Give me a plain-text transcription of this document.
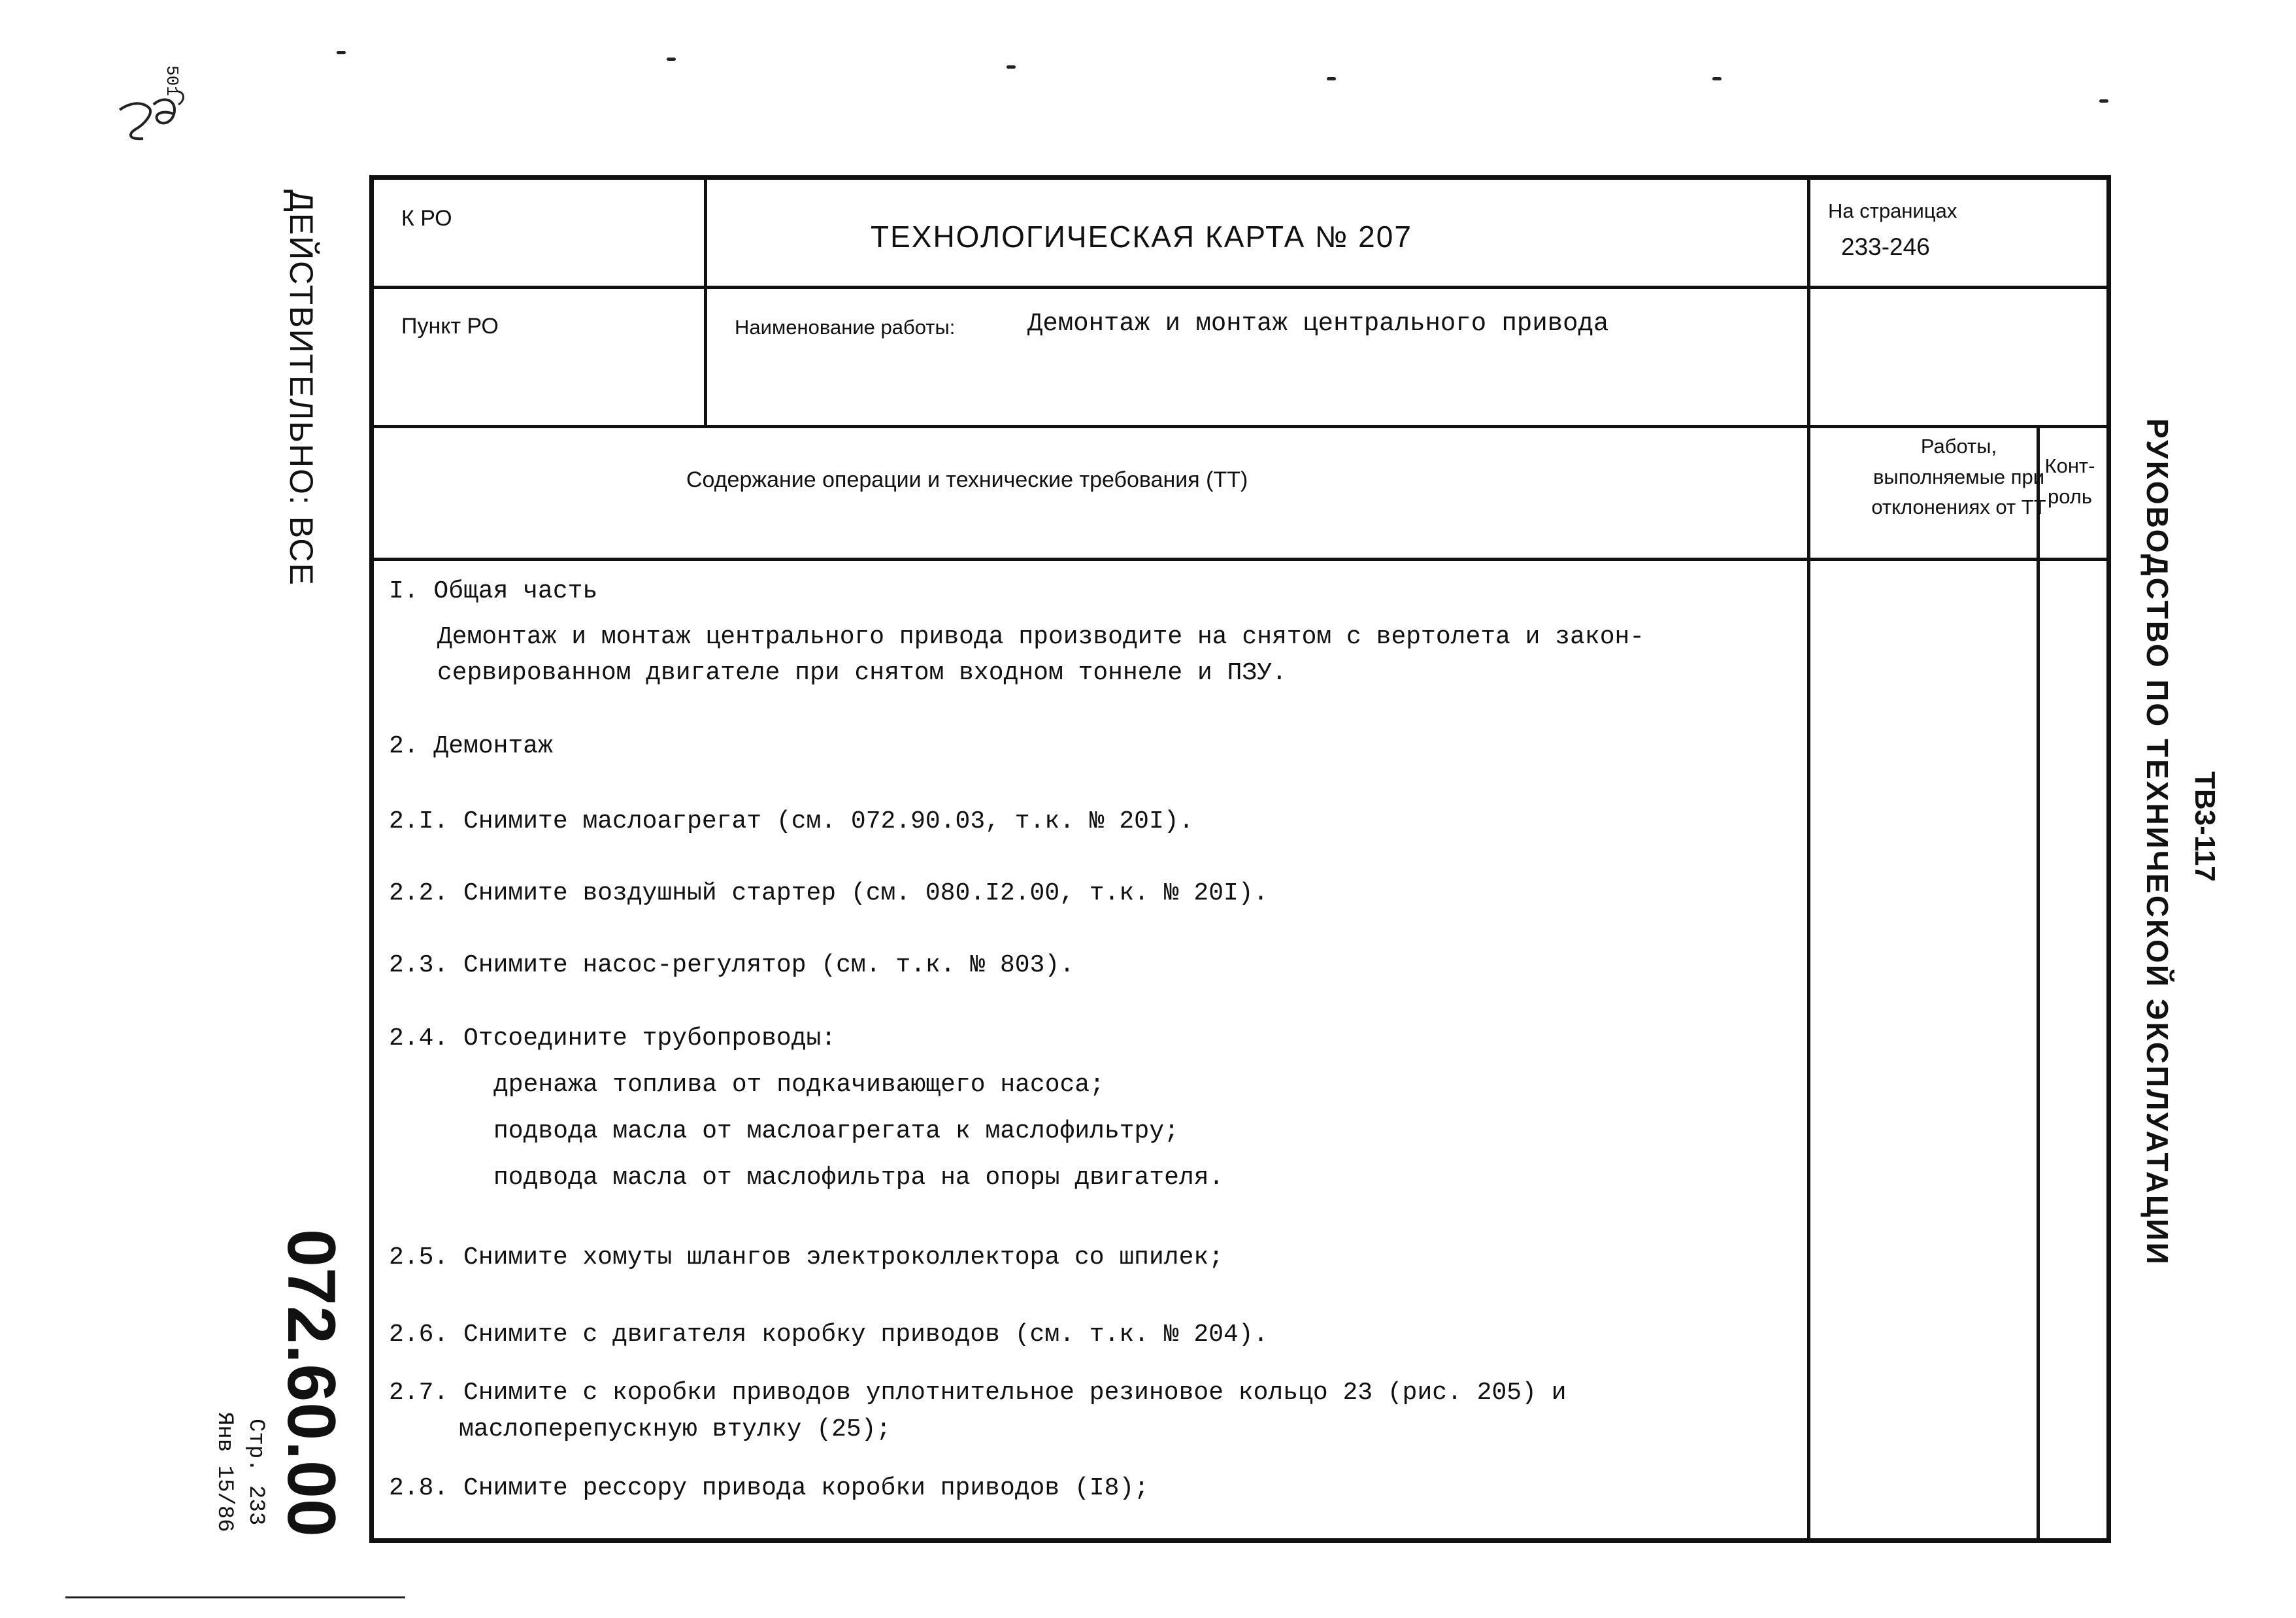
501
ДЕЙСТВИТЕЛЬНО: ВСЕ
072.60.00
Стр. 233
Янв 15/86
РУКОВОДСТВО ПО ТЕХНИЧЕСКОЙ ЭКСПЛУАТАЦИИ ТВ3-117
К РО
ТЕХНОЛОГИЧЕСКАЯ КАРТА № 207
На страницах
233-246
Пункт РО	Наименование работы:	Демонтаж и монтаж центрального привода
Содержание операции и технические требования (ТТ)
Работы, выполняемые при отклонениях от ТТ
Конт- роль
I. Общая часть
Демонтаж и монтаж центрального привода производите на снятом с вертолета и закон-
сервированном двигателе при снятом входном тоннеле и ПЗУ.
2. Демонтаж
2.I. Снимите маслоагрегат (см. 072.90.03, т.к. № 20I).
2.2. Снимите воздушный стартер (см. 080.I2.00, т.к. № 20I).
2.3. Снимите насос-регулятор (см. т.к. № 803).
2.4. Отсоедините трубопроводы:
дренажа топлива от подкачивающего насоса;
подвода масла от маслоагрегата к маслофильтру;
подвода масла от маслофильтра на опоры двигателя.
2.5. Снимите хомуты шлангов электроколлектора со шпилек;
2.6. Снимите с двигателя коробку приводов (см. т.к. № 204).
2.7. Снимите с коробки приводов уплотнительное резиновое кольцо 23 (рис. 205) и
маслоперепускную втулку (25);
2.8. Снимите рессору привода коробки приводов (I8);
